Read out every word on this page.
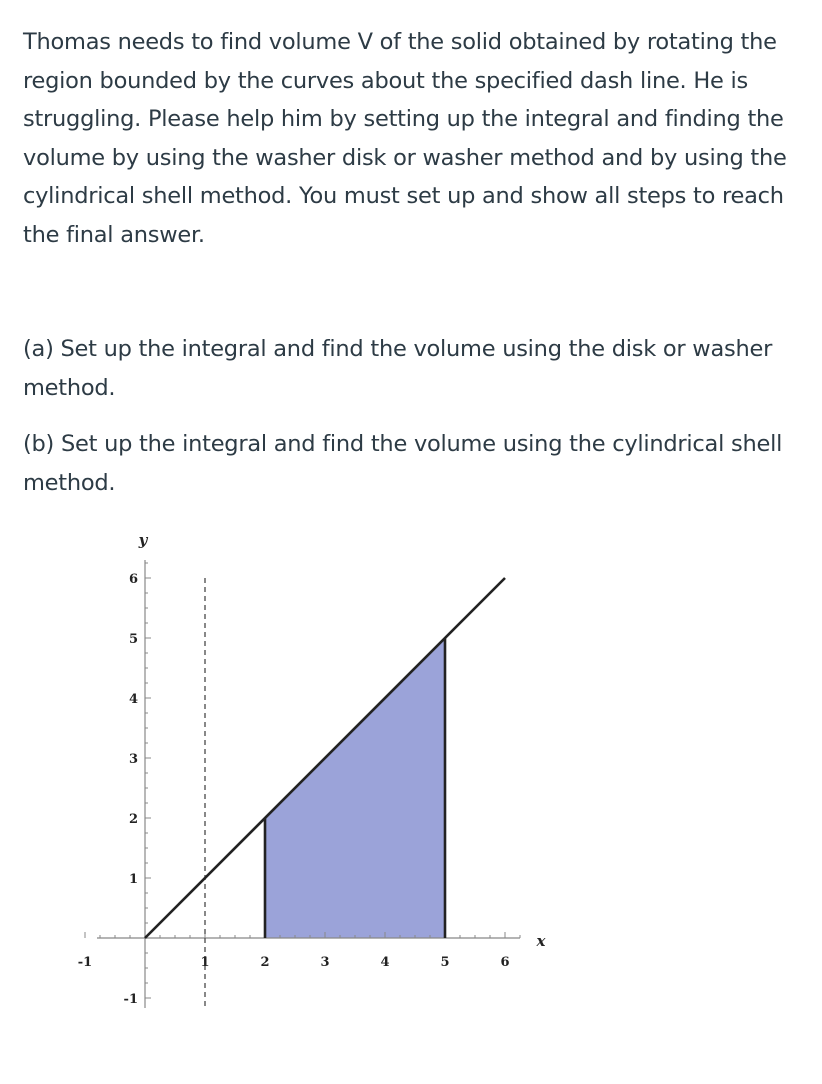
Thomas needs to find volume V of the solid obtained by rotating the region bounded by the curves about the specified dash line. He is struggling. Please help him by setting up the integral and finding the volume by using the washer disk or washer method and by using the cylindrical shell method. You must set up and show all steps to reach the final answer.

(a) Set up the integral and find the volume using the disk or washer method.

(b) Set up the integral and find the volume using the cylindrical shell method.

-1	1	2	3	4	5	6
-1
1
2
3
4
5
6
x
y
